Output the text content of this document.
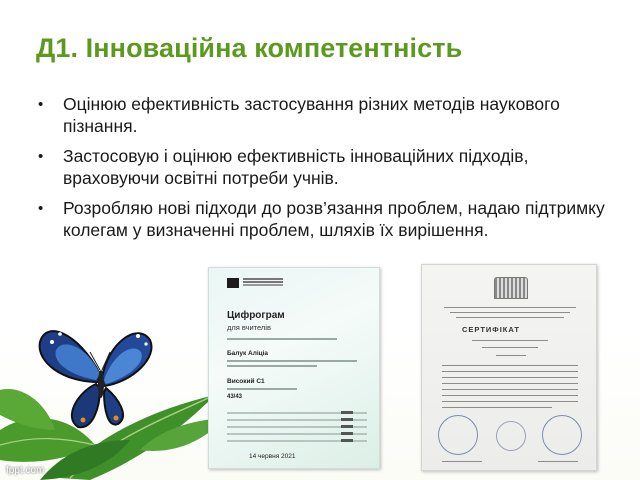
Д1. Інноваційна компетентність
• Оцінюю ефективність застосування різних методів наукового пізнання.
• Застосовую і оцінюю ефективність інноваційних підходів, враховуючи освітні потреби учнів.
• Розробляю нові підходи до розв’язання проблем, надаю підтримку колегам у визначенні проблем, шляхів їх вирішення.
Цифрограм
для вчителів
Балук Аліціа
Високий С1
43/43
14 червня 2021
СЕРТИФІКАТ
fppt.com
